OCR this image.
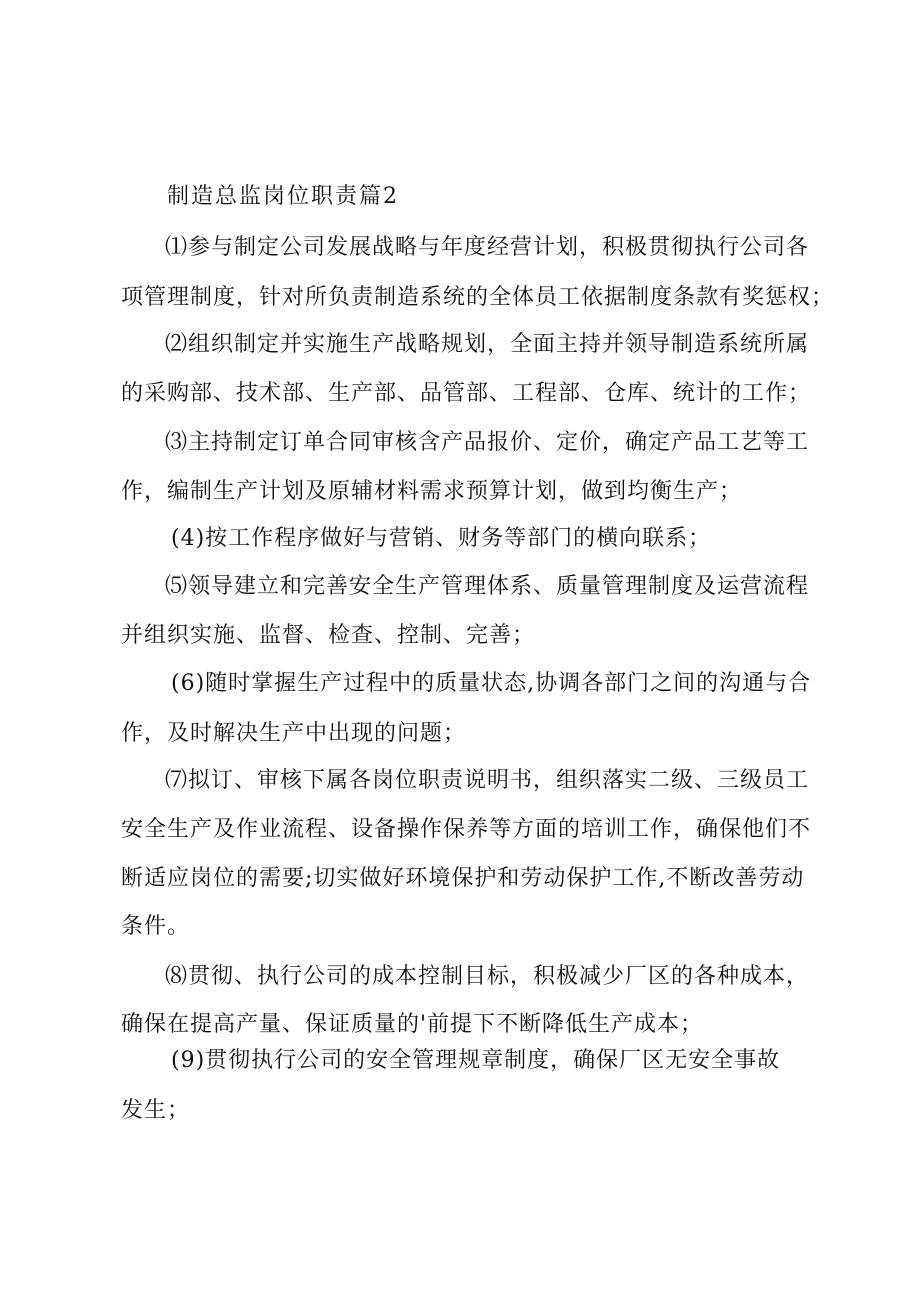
制造总监岗位职责篇2
⑴参与制定公司发展战略与年度经营计划，积极贯彻执行公司各
项管理制度，针对所负责制造系统的全体员工依据制度条款有奖惩权；
⑵组织制定并实施生产战略规划，全面主持并领导制造系统所属
的采购部、技术部、生产部、品管部、工程部、仓库、统计的工作；
⑶主持制定订单合同审核含产品报价、定价，确定产品工艺等工
作，编制生产计划及原辅材料需求预算计划，做到均衡生产；
(4)按工作程序做好与营销、财务等部门的横向联系；
⑸领导建立和完善安全生产管理体系、质量管理制度及运营流程
并组织实施、监督、检查、控制、完善；
(6)随时掌握生产过程中的质量状态,协调各部门之间的沟通与合
作，及时解决生产中出现的问题；
⑺拟订、审核下属各岗位职责说明书，组织落实二级、三级员工
安全生产及作业流程、设备操作保养等方面的培训工作，确保他们不
断适应岗位的需要;切实做好环境保护和劳动保护工作,不断改善劳动
条件。
⑻贯彻、执行公司的成本控制目标，积极减少厂区的各种成本，
确保在提高产量、保证质量的'前提下不断降低生产成本；
(9)贯彻执行公司的安全管理规章制度，确保厂区无安全事故
发生；
